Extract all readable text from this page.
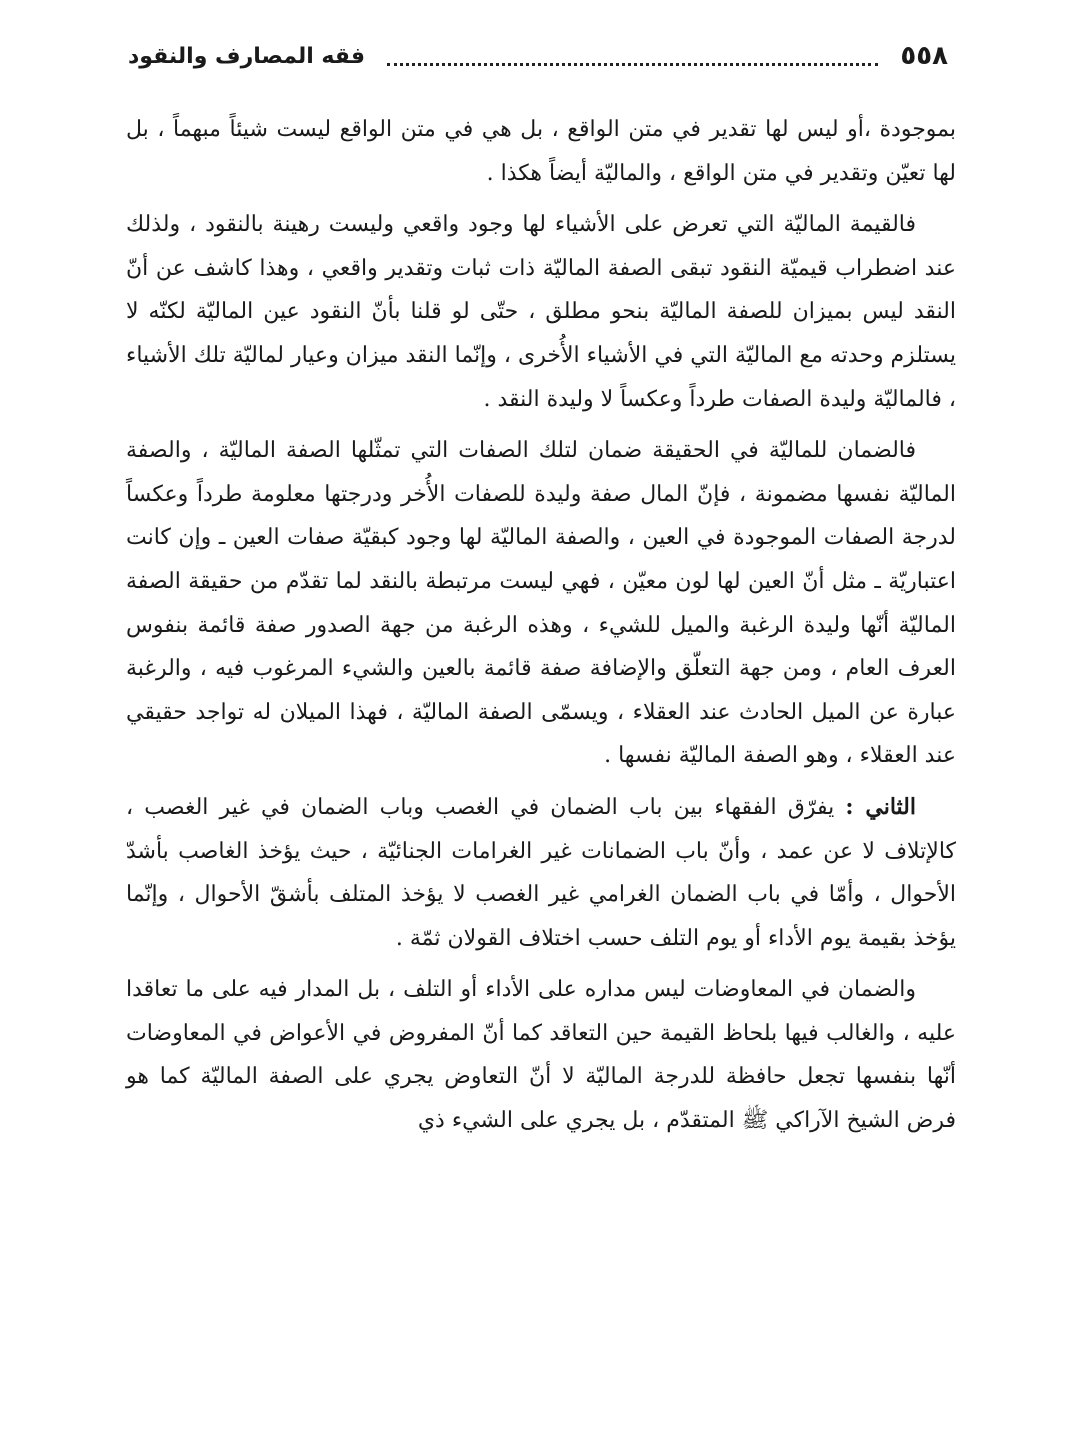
٥٥٨
فقه المصارف والنقود

بموجودة ،أو ليس لها تقدير في متن الواقع ، بل هي في متن الواقع ليست شيئاً مبهماً ، بل لها تعيّن وتقدير في متن الواقع ، والماليّة أيضاً هكذا .

فالقيمة الماليّة التي تعرض على الأشياء لها وجود واقعي وليست رهينة بالنقود ، ولذلك عند اضطراب قيميّة النقود تبقى الصفة الماليّة ذات ثبات وتقدير واقعي ، وهذا كاشف عن أنّ النقد ليس بميزان للصفة الماليّة بنحو مطلق ، حتّى لو قلنا بأنّ النقود عين الماليّة لكنّه لا يستلزم وحدته مع الماليّة التي في الأشياء الأُخرى ، وإنّما النقد ميزان وعيار لماليّة تلك الأشياء ، فالماليّة وليدة الصفات طرداً وعكساً لا وليدة النقد .

فالضمان للماليّة في الحقيقة ضمان لتلك الصفات التي تمثّلها الصفة الماليّة ، والصفة الماليّة نفسها مضمونة ، فإنّ المال صفة وليدة للصفات الأُخر ودرجتها معلومة طرداً وعكساً لدرجة الصفات الموجودة في العين ، والصفة الماليّة لها وجود كبقيّة صفات العين ـ وإن كانت اعتباريّة ـ مثل أنّ العين لها لون معيّن ، فهي ليست مرتبطة بالنقد لما تقدّم من حقيقة الصفة الماليّة أنّها وليدة الرغبة والميل للشيء ، وهذه الرغبة من جهة الصدور صفة قائمة بنفوس العرف العام ، ومن جهة التعلّق والإضافة صفة قائمة بالعين والشيء المرغوب فيه ، والرغبة عبارة عن الميل الحادث عند العقلاء ، ويسمّى الصفة الماليّة ، فهذا الميلان له تواجد حقيقي عند العقلاء ، وهو الصفة الماليّة نفسها .

الثاني : يفرّق الفقهاء بين باب الضمان في الغصب وباب الضمان في غير الغصب ، كالإتلاف لا عن عمد ، وأنّ باب الضمانات غير الغرامات الجنائيّة ، حيث يؤخذ الغاصب بأشدّ الأحوال ، وأمّا في باب الضمان الغرامي غير الغصب لا يؤخذ المتلف بأشقّ الأحوال ، وإنّما يؤخذ بقيمة يوم الأداء أو يوم التلف حسب اختلاف القولان ثمّة .

والضمان في المعاوضات ليس مداره على الأداء أو التلف ، بل المدار فيه على ما تعاقدا عليه ، والغالب فيها بلحاظ القيمة حين التعاقد كما أنّ المفروض في الأعواض في المعاوضات أنّها بنفسها تجعل حافظة للدرجة الماليّة لا أنّ التعاوض يجري على الصفة الماليّة كما هو فرض الشيخ الآراكي ﷺ المتقدّم ، بل يجري على الشيء ذي
